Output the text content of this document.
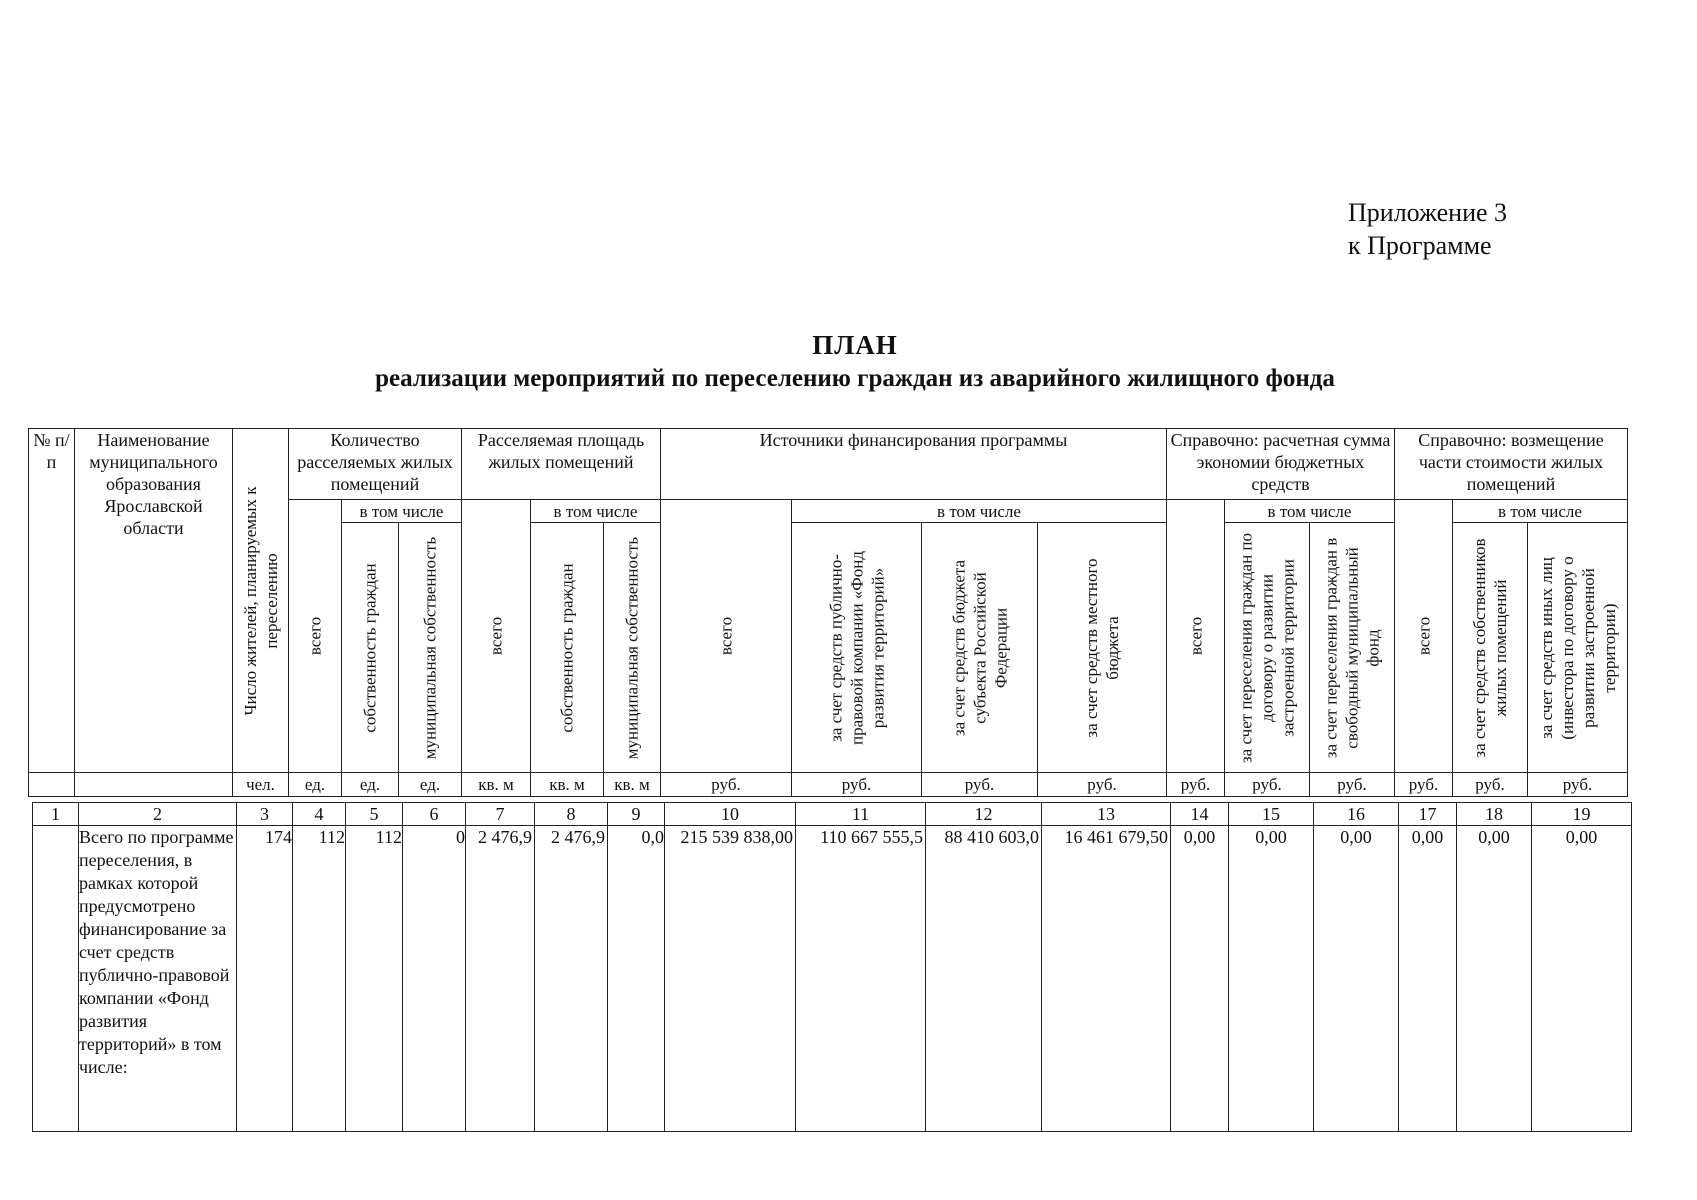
Приложение 3
к Программе
ПЛАН
реализации мероприятий по переселению граждан из аварийного жилищного фонда
№ п/п	Наименование муниципального образования Ярославской области	Число жителей, планируемых к переселению	Количество расселяемых жилых помещений			Расселяемая площадь жилых помещений			Источники финансирования программы				Справочно: расчетная сумма экономии бюджетных средств			Справочно: возмещение части стоимости жилых помещений		

			всего	в том числе		всего	в том числе		всего	в том числе			всего	в том числе		всего	в том числе	

				собственность граждан	муниципальная собственность		собственность граждан	муниципальная собственность		за счет средств публично-правовой компании «Фонд развития территорий»	за счет средств бюджета субъекта Российской Федерации	за счет средств местного бюджета		за счет переселения граждан по договору о развитии застроенной территории	за счет переселения граждан в свободный муниципальный фонд		за счет средств собственников жилых помещений	за счет средств иных лиц (инвестора по договору о развитии застроенной территории)

		чел.	ед.	ед.	ед.	кв. м	кв. м	кв. м	руб.	руб.	руб.	руб.	руб.	руб.	руб.	руб.	руб.	руб.
1	2	3	4	5	6	7	8	9	10	11	12	13	14	15	16	17	18	19
	Всего по программе переселения, в рамках которой предусмотрено финансирование за счет средств публично-правовой компании «Фонд развития территорий» в том числе:	174	112	112	0	2 476,9	2 476,9	0,0	215 539 838,00	110 667 555,5	88 410 603,0	16 461 679,50	0,00	0,00	0,00	0,00	0,00	0,00
